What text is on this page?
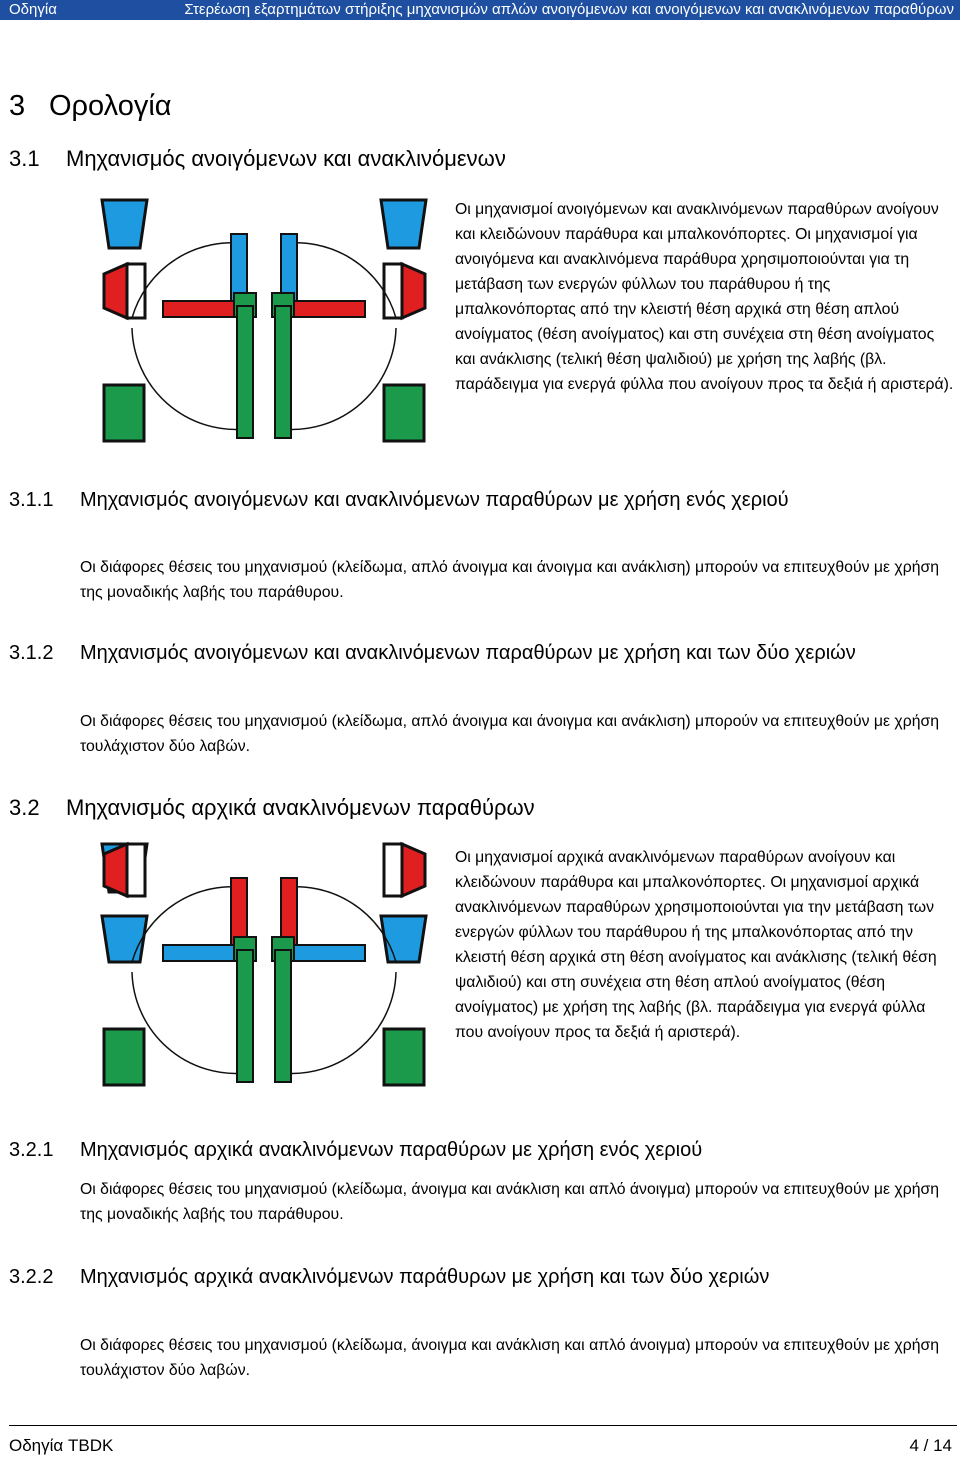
Οδηγία	Στερέωση εξαρτημάτων στήριξης μηχανισμών απλών ανοιγόμενων και ανοιγόμενων και ανακλινόμενων παραθύρων
3 Ορολογία
3.1 Μηχανισμός ανοιγόμενων και ανακλινόμενων
Οι μηχανισμοί ανοιγόμενων και ανακλινόμενων παραθύρων ανοίγουν και κλειδώνουν παράθυρα και μπαλκονόπορτες. Οι μηχανισμοί για ανοιγόμενα και ανακλινόμενα παράθυρα χρησιμοποιούνται για τη μετάβαση των ενεργών φύλλων του παράθυρου ή της μπαλκονόπορτας από την κλειστή θέση αρχικά στη θέση απλού ανοίγματος (θέση ανοίγματος) και στη συνέχεια στη θέση ανοίγματος και ανάκλισης (τελική θέση ψαλιδιού) με χρήση της λαβής (βλ. παράδειγμα για ενεργά φύλλα που ανοίγουν προς τα δεξιά ή αριστερά).
3.1.1 Μηχανισμός ανοιγόμενων και ανακλινόμενων παραθύρων με χρήση ενός χεριού
Οι διάφορες θέσεις του μηχανισμού (κλείδωμα, απλό άνοιγμα και άνοιγμα και ανάκλιση) μπορούν να επιτευχθούν με χρήση της μοναδικής λαβής του παράθυρου.
3.1.2 Μηχανισμός ανοιγόμενων και ανακλινόμενων παραθύρων με χρήση και των δύο χεριών
Οι διάφορες θέσεις του μηχανισμού (κλείδωμα, απλό άνοιγμα και άνοιγμα και ανάκλιση) μπορούν να επιτευχθούν με χρήση τουλάχιστον δύο λαβών.
3.2 Μηχανισμός αρχικά ανακλινόμενων παραθύρων
Οι μηχανισμοί αρχικά ανακλινόμενων παραθύρων ανοίγουν και κλειδώνουν παράθυρα και μπαλκονόπορτες. Οι μηχανισμοί αρχικά ανακλινόμενων παραθύρων χρησιμοποιούνται για την μετάβαση των ενεργών φύλλων του παράθυρου ή της μπαλκονόπορτας από την κλειστή θέση αρχικά στη θέση ανοίγματος και ανάκλισης (τελική θέση ψαλιδιού) και στη συνέχεια στη θέση απλού ανοίγματος (θέση ανοίγματος) με χρήση της λαβής (βλ. παράδειγμα για ενεργά φύλλα που ανοίγουν προς τα δεξιά ή αριστερά).
3.2.1 Μηχανισμός αρχικά ανακλινόμενων παραθύρων με χρήση ενός χεριού
Οι διάφορες θέσεις του μηχανισμού (κλείδωμα, άνοιγμα και ανάκλιση και απλό άνοιγμα) μπορούν να επιτευχθούν με χρήση της μοναδικής λαβής του παράθυρου.
3.2.2 Μηχανισμός αρχικά ανακλινόμενων παράθυρων με χρήση και των δύο χεριών
Οι διάφορες θέσεις του μηχανισμού (κλείδωμα, άνοιγμα και ανάκλιση και απλό άνοιγμα) μπορούν να επιτευχθούν με χρήση τουλάχιστον δύο λαβών.
Οδηγία TBDK	4 / 14
